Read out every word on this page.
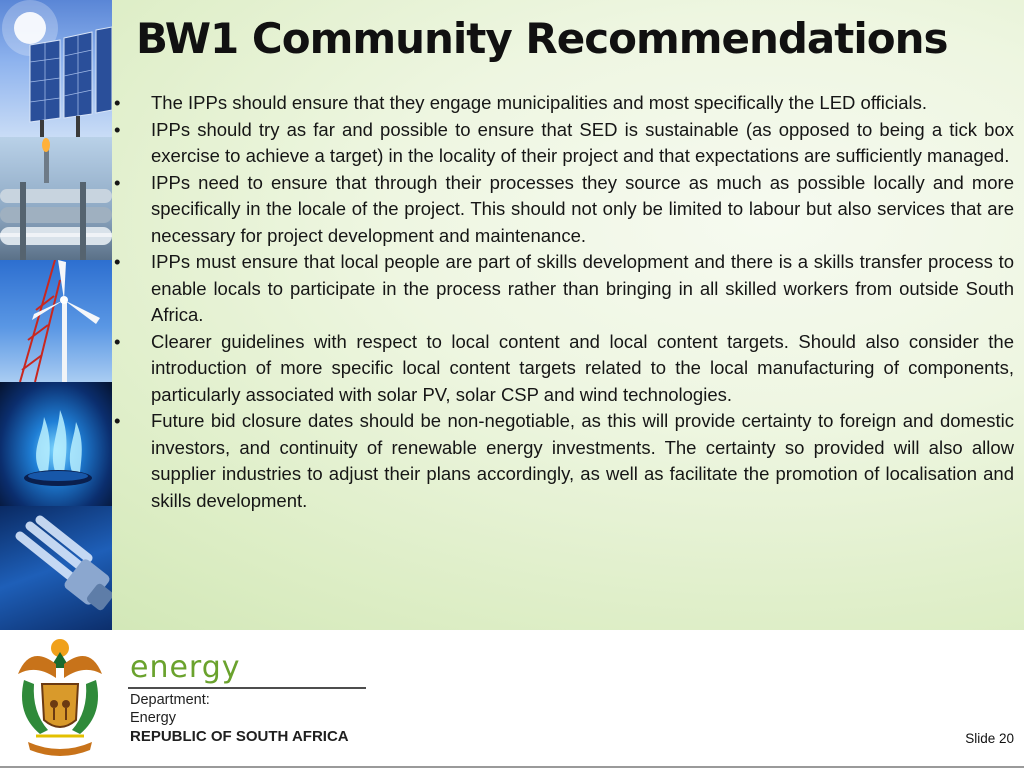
BW1 Community Recommendations
• The IPPs should ensure that they engage municipalities and most specifically the LED officials.
• IPPs should try as far and possible to ensure that SED is sustainable (as opposed to being a tick box exercise to achieve a target) in the locality of their project and that expectations are sufficiently managed.
• IPPs need to ensure that through their processes they source as much as possible locally and more specifically in the locale of the project. This should not only be limited to labour but also services that are necessary for project development and maintenance.
• IPPs must ensure that local people are part of skills development and there is a skills transfer process to enable locals to participate in the process rather than bringing in all skilled workers from outside South Africa.
• Clearer guidelines with respect to local content and local content targets. Should also consider the introduction of more specific local content targets related to the local manufacturing of components, particularly associated with solar PV, solar CSP and wind technologies.
• Future bid closure dates should be non-negotiable, as this will provide certainty to foreign and domestic investors, and continuity of renewable energy investments. The certainty so provided will also allow supplier industries to adjust their plans accordingly, as well as facilitate the promotion of localisation and skills development.
energy
Department:
Energy
REPUBLIC OF SOUTH AFRICA	Slide 20
